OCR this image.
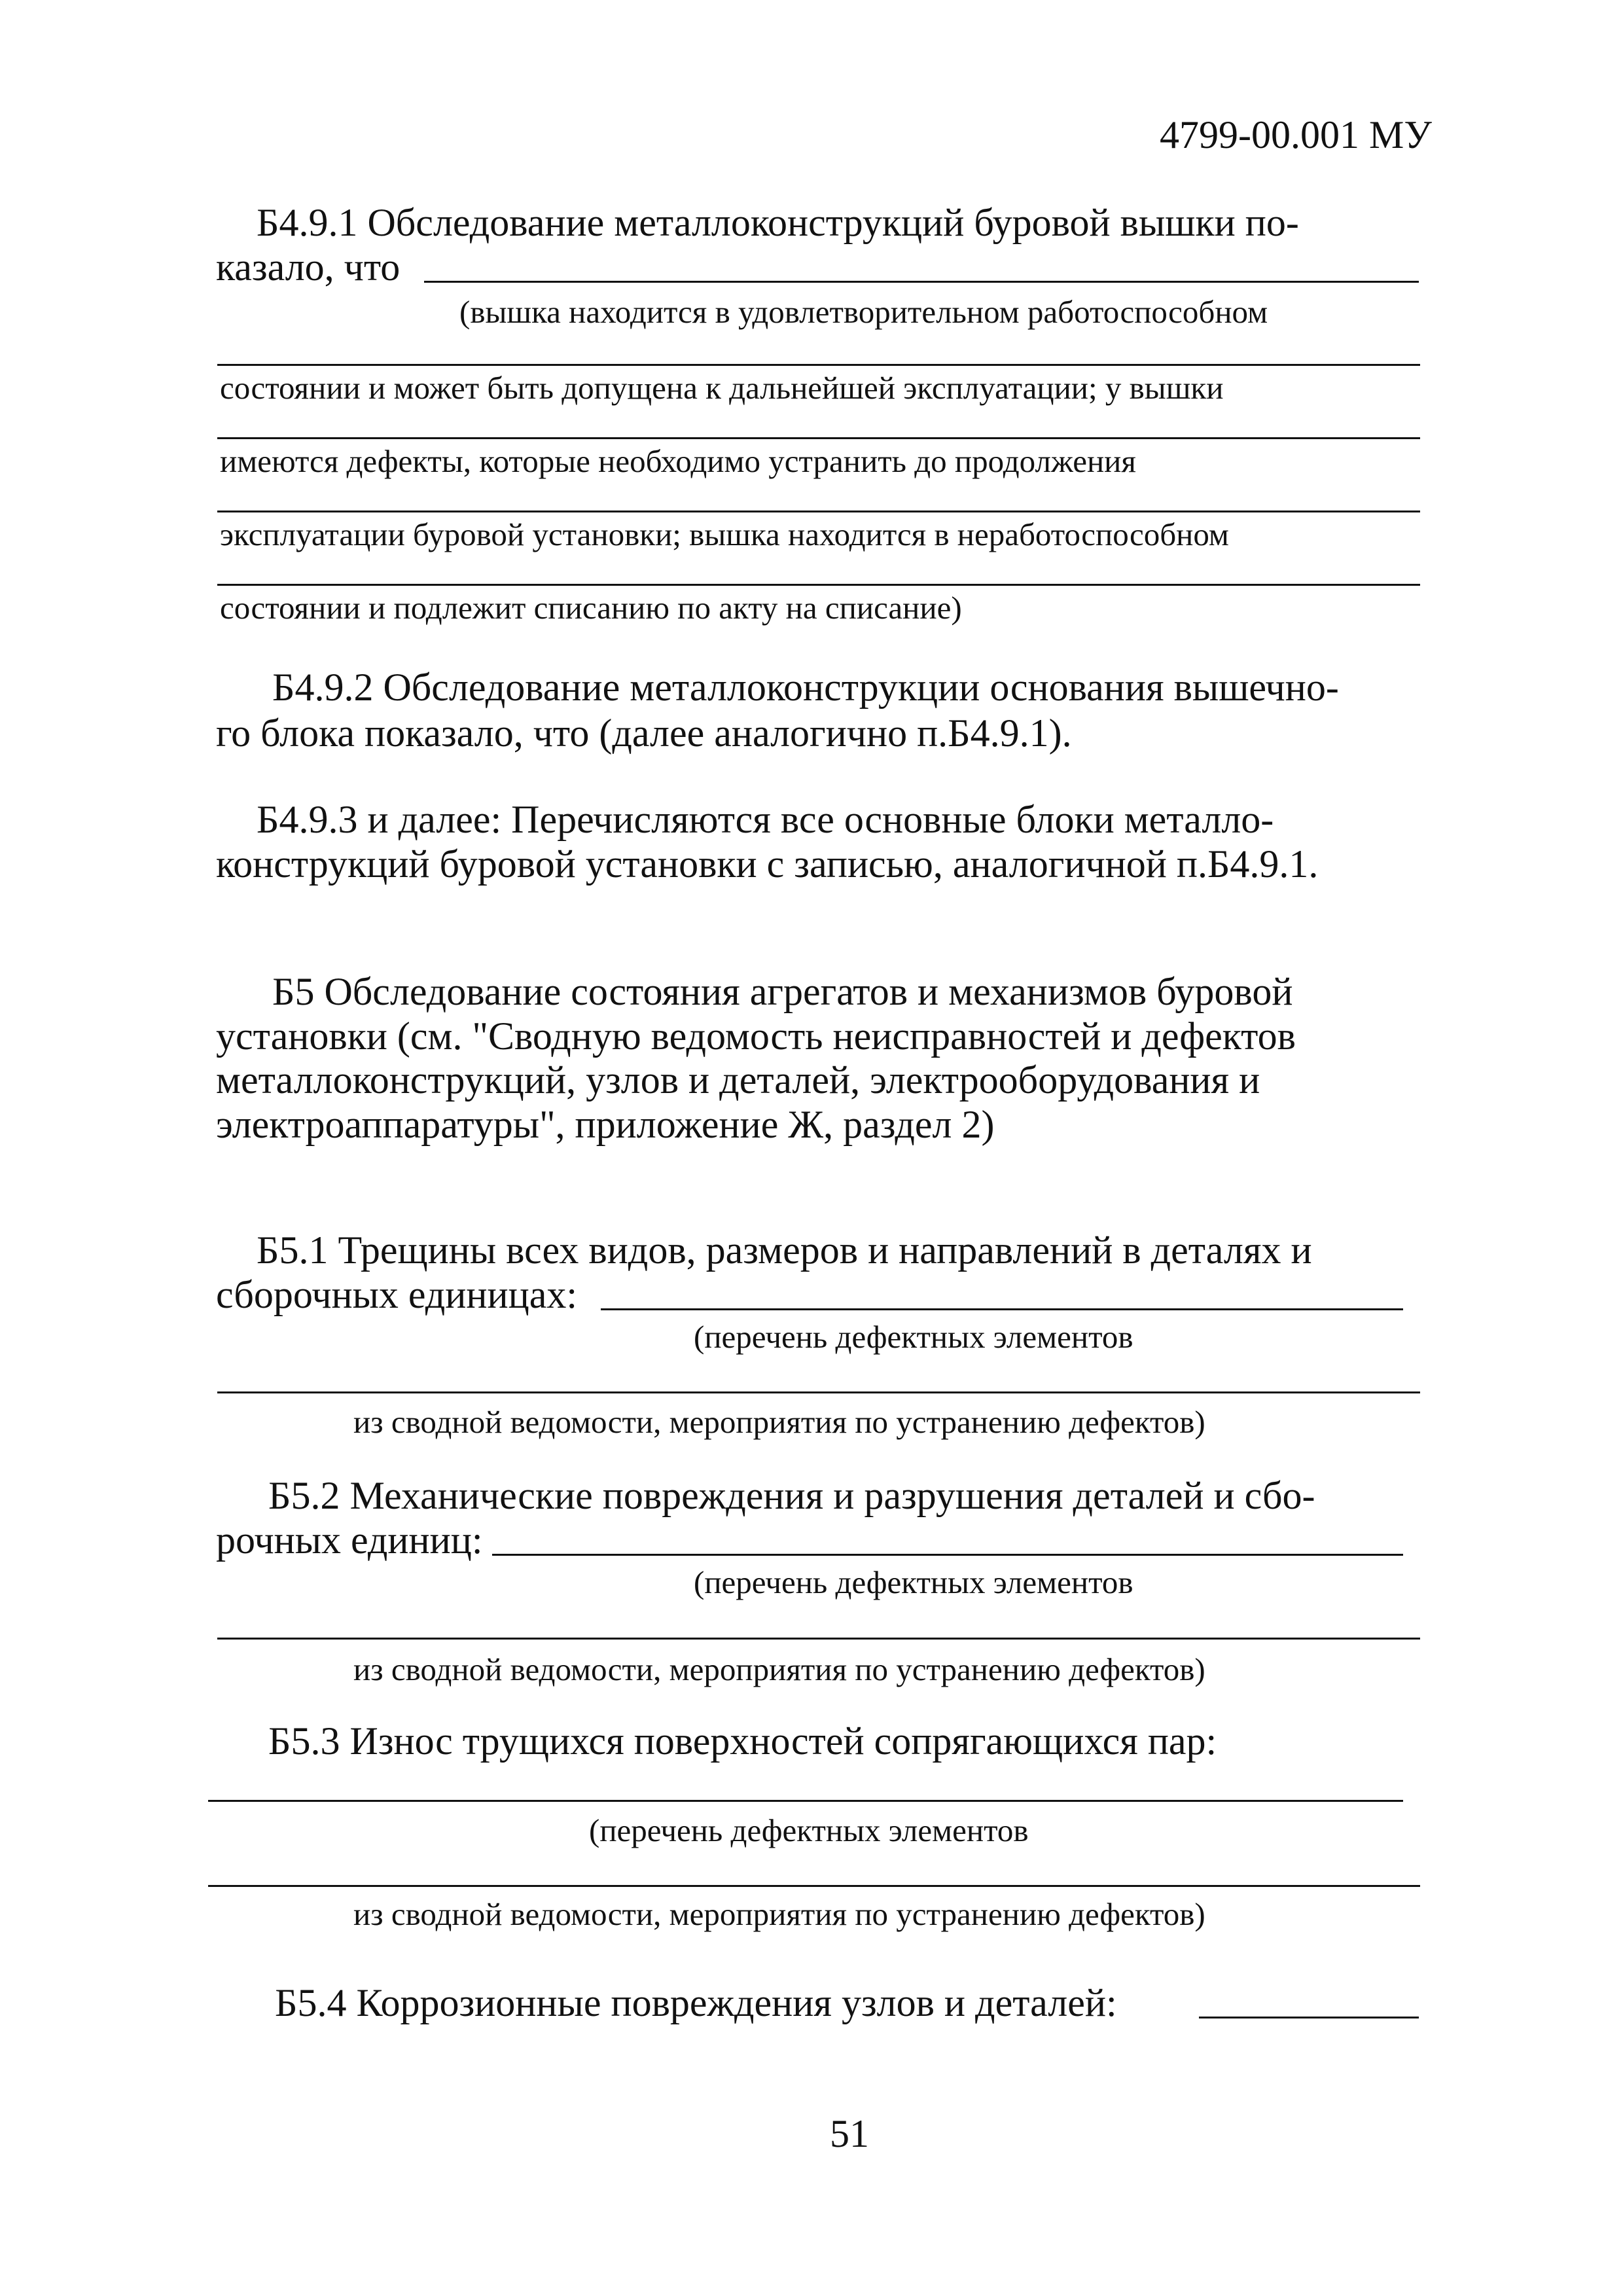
4799-00.001 МУ
Б4.9.1 Обследование металлоконструкций буровой вышки по-
казало, что
(вышка находится в удовлетворительном работоспособном
состоянии и может быть допущена к дальнейшей эксплуатации; у вышки
имеются дефекты, которые необходимо устранить до продолжения
эксплуатации буровой установки; вышка находится в неработоспособном
состоянии и подлежит списанию по акту на списание)
Б4.9.2 Обследование металлоконструкции основания вышечно-
го блока показало, что (далее аналогично п.Б4.9.1).
Б4.9.3 и далее: Перечисляются все основные блоки металло-
конструкций буровой установки с записью, аналогичной п.Б4.9.1.
Б5 Обследование состояния агрегатов и механизмов буровой
установки (см. "Сводную ведомость неисправностей и дефектов
металлоконструкций, узлов и деталей, электрооборудования и
электроаппаратуры", приложение Ж, раздел 2)
Б5.1 Трещины всех видов, размеров и направлений в деталях и
сборочных единицах:
(перечень дефектных элементов
из сводной ведомости, мероприятия по устранению дефектов)
Б5.2 Механические повреждения и разрушения деталей и сбо-
рочных единиц:
(перечень дефектных элементов
из сводной ведомости, мероприятия по устранению дефектов)
Б5.3 Износ трущихся поверхностей сопрягающихся пар:
(перечень дефектных элементов
из сводной ведомости, мероприятия по устранению дефектов)
Б5.4 Коррозионные повреждения узлов и деталей:
51
